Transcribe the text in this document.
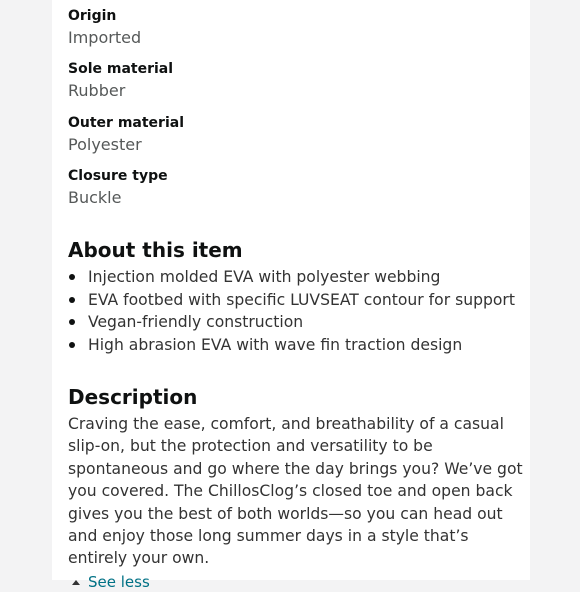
Origin
Imported
Sole material
Rubber
Outer material
Polyester
Closure type
Buckle
About this item
Injection molded EVA with polyester webbing
EVA footbed with specific LUVSEAT contour for support
Vegan-friendly construction
High abrasion EVA with wave fin traction design
Description
Craving the ease, comfort, and breathability of a casual slip-on, but the protection and versatility to be spontaneous and go where the day brings you? We’ve got you covered. The ChillosClog’s closed toe and open back gives you the best of both worlds—so you can head out and enjoy those long summer days in a style that’s entirely your own.
See less
